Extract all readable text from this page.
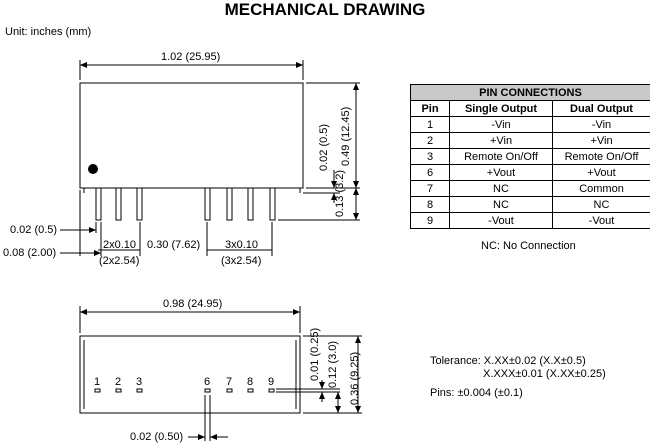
MECHANICAL DRAWING
Unit: inches (mm)
1.02 (25.95)
0.49 (12.45)
0.02 (0.5)
0.13 (3.2)
0.02 (0.5)
0.08 (2.00)
2x0.10
(2x2.54)
0.30 (7.62) 3x0.10
(3x2.54)
PIN CONNECTIONS		
Pin	Single Output	Dual Output
1	-Vin	-Vin
2	+Vin	+Vin
3	Remote On/Off	Remote On/Off
6	+Vout	+Vout
7	NC	Common
8	NC	NC
9	-Vout	-Vout
NC: No Connection
0.98 (24.95)
1 2 3	6 7 8 9
0.01 (0.25) 0.12 (3.0) 0.36 (9.25)
0.02 (0.50)
Tolerance: X.XX±0.02 (X.X±0.5)
X.XXX±0.01 (X.XX±0.25)
Pins: ±0.004 (±0.1)
